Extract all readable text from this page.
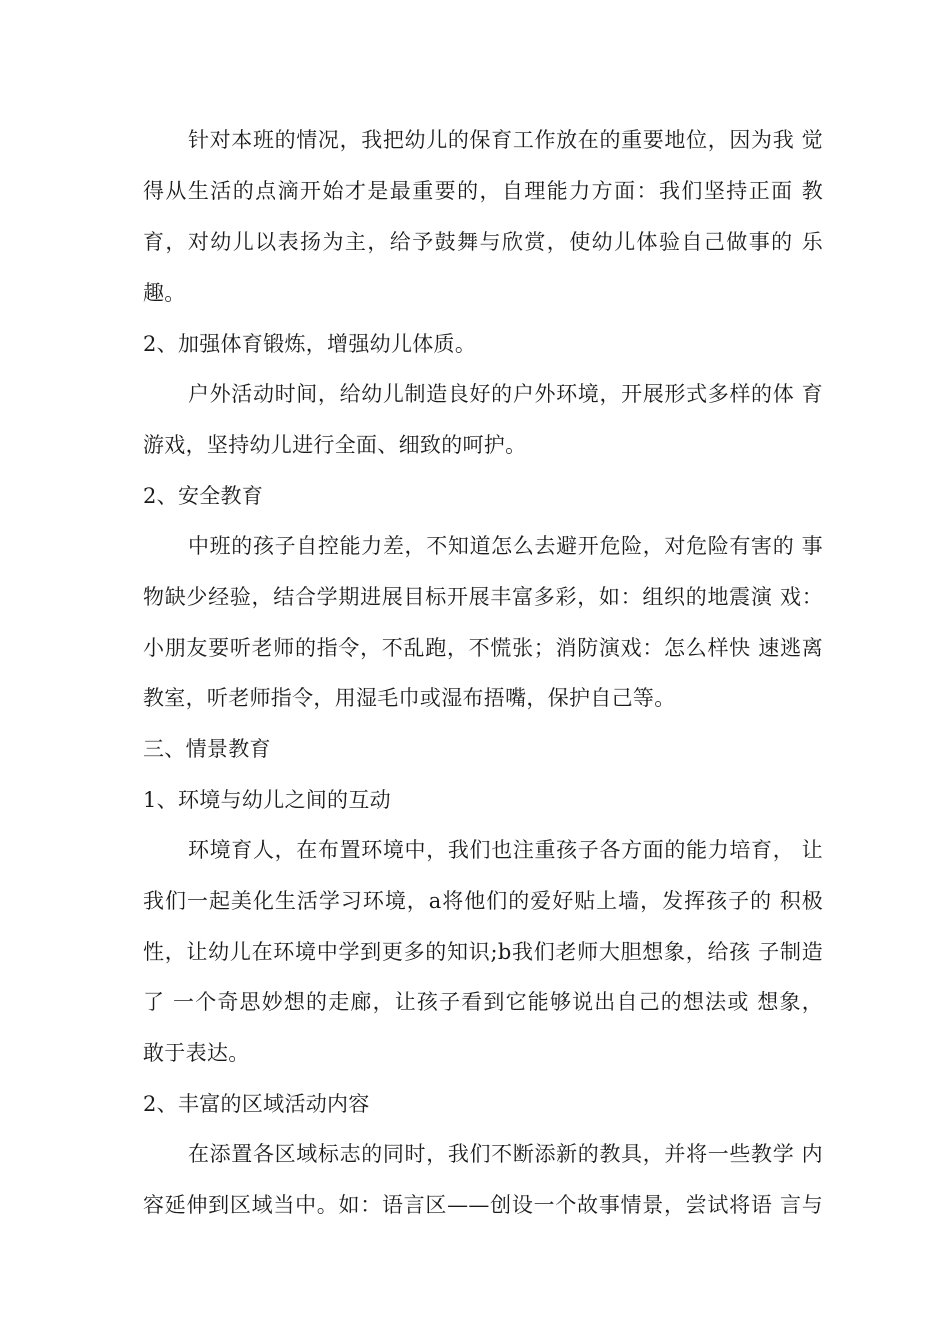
针对本班的情况，我把幼儿的保育工作放在的重要地位，因为我 觉
得从生活的点滴开始才是最重要的，自理能力方面：我们坚持正面 教
育，对幼儿以表扬为主，给予鼓舞与欣赏，使幼儿体验自己做事的 乐
趣。
2、加强体育锻炼，增强幼儿体质。
户外活动时间，给幼儿制造良好的户外环境，开展形式多样的体 育
游戏，坚持幼儿进行全面、细致的呵护。
2、安全教育
中班的孩子自控能力差，不知道怎么去避开危险，对危险有害的 事
物缺少经验，结合学期进展目标开展丰富多彩，如：组织的地震演 戏：
小朋友要听老师的指令，不乱跑，不慌张；消防演戏：怎么样快 速逃离
教室，听老师指令，用湿毛巾或湿布捂嘴，保护自己等。
三、情景教育
1、环境与幼儿之间的互动
环境育人，在布置环境中，我们也注重孩子各方面的能力培育， 让
我们一起美化生活学习环境，a将他们的爱好贴上墙，发挥孩子的 积极
性，让幼儿在环境中学到更多的知识;b我们老师大胆想象，给孩 子制造
了 一个奇思妙想的走廊，让孩子看到它能够说出自己的想法或 想象，
敢于表达。
2、丰富的区域活动内容
在添置各区域标志的同时，我们不断添新的教具，并将一些教学 内
容延伸到区域当中。如：语言区——创设一个故事情景，尝试将语 言与
